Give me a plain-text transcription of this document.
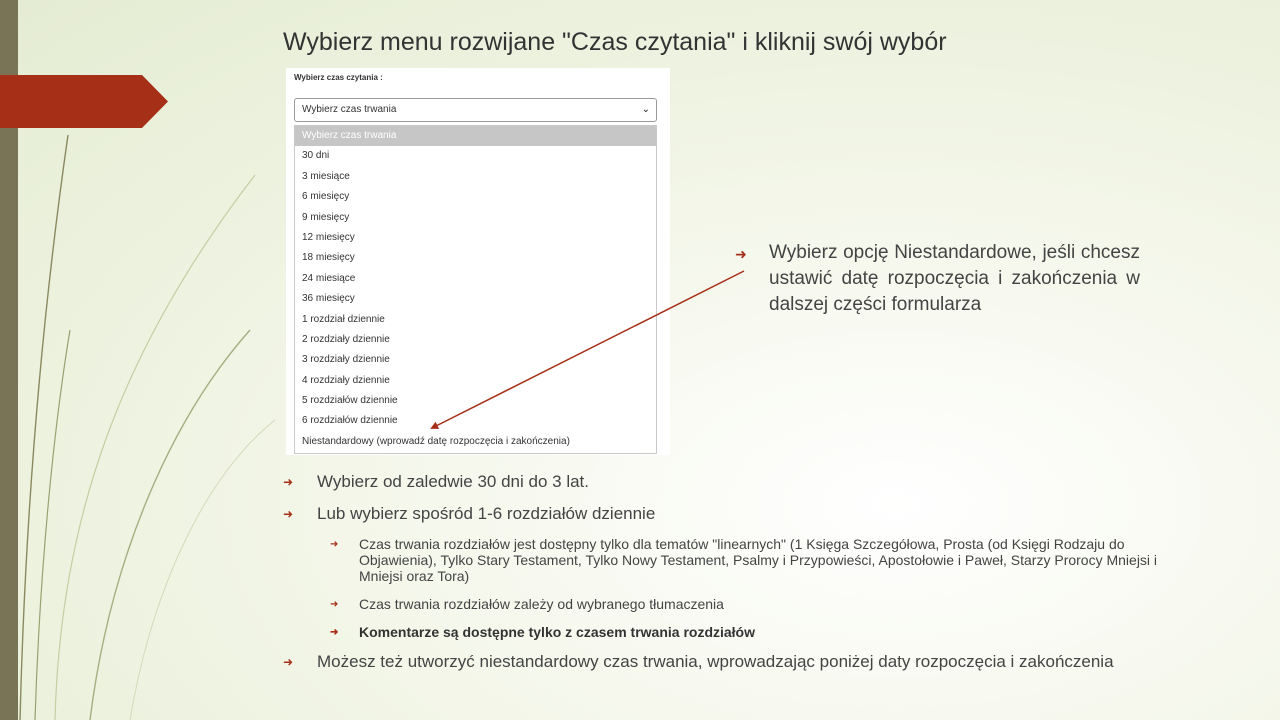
Wybierz menu rozwijane "Czas czytania" i kliknij swój wybór
Wybierz czas czytania :
Wybierz czas trwania	⌄
Wybierz czas trwania
30 dni
3 miesiące
6 miesięcy
9 miesięcy
12 miesięcy
18 miesięcy
24 miesiące
36 miesięcy
1 rozdział dziennie
2 rozdziały dziennie
3 rozdziały dziennie
4 rozdziały dziennie
5 rozdziałów dziennie
6 rozdziałów dziennie
Niestandardowy (wprowadź datę rozpoczęcia i zakończenia)
➜	Wybierz opcję Niestandardowe, jeśli chcesz ustawić datę rozpoczęcia i zakończenia w dalszej części formularza
➜ Wybierz od zaledwie 30 dni do 3 lat.
➜ Lub wybierz spośród 1-6 rozdziałów dziennie
➜ Czas trwania rozdziałów jest dostępny tylko dla tematów "linearnych" (1 Księga Szczegółowa, Prosta (od Księgi Rodzaju do Objawienia), Tylko Stary Testament, Tylko Nowy Testament, Psalmy i Przypowieści, Apostołowie i Paweł, Starzy Prorocy Mniejsi i Mniejsi oraz Tora)
➜ Czas trwania rozdziałów zależy od wybranego tłumaczenia
➜ Komentarze są dostępne tylko z czasem trwania rozdziałów
➜ Możesz też utworzyć niestandardowy czas trwania, wprowadzając poniżej daty rozpoczęcia i zakończenia
